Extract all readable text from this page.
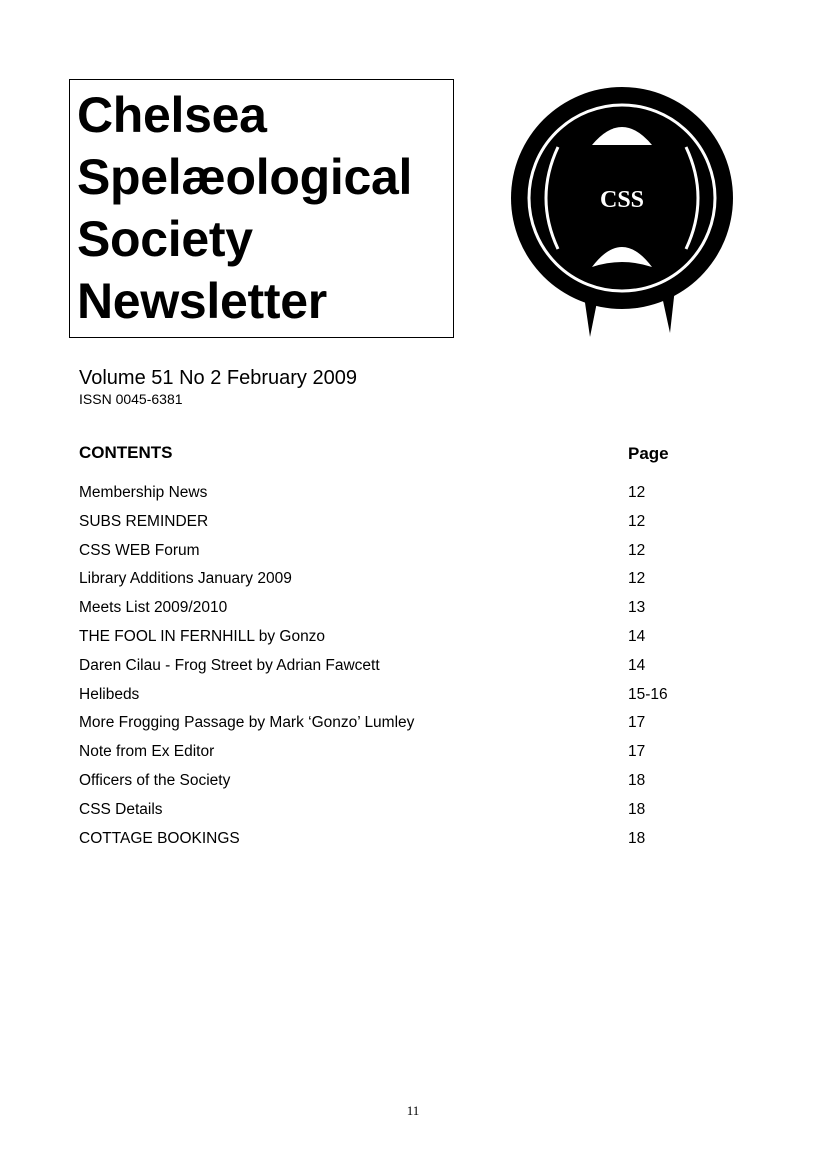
Chelsea
Spelæological
Society
Newsletter
CSS
Volume 51 No 2 February 2009
ISSN 0045-6381
CONTENTS	Page
Membership News	12
SUBS REMINDER	12
CSS WEB Forum	12
Library Additions January 2009	12
Meets List 2009/2010	13
THE FOOL IN FERNHILL by Gonzo	14
Daren Cilau - Frog Street by Adrian Fawcett	14
Helibeds	15-16
More Frogging Passage by Mark ‘Gonzo’ Lumley	17
Note from Ex Editor	17
Officers of the Society	18
CSS Details	18
COTTAGE BOOKINGS	18
11
